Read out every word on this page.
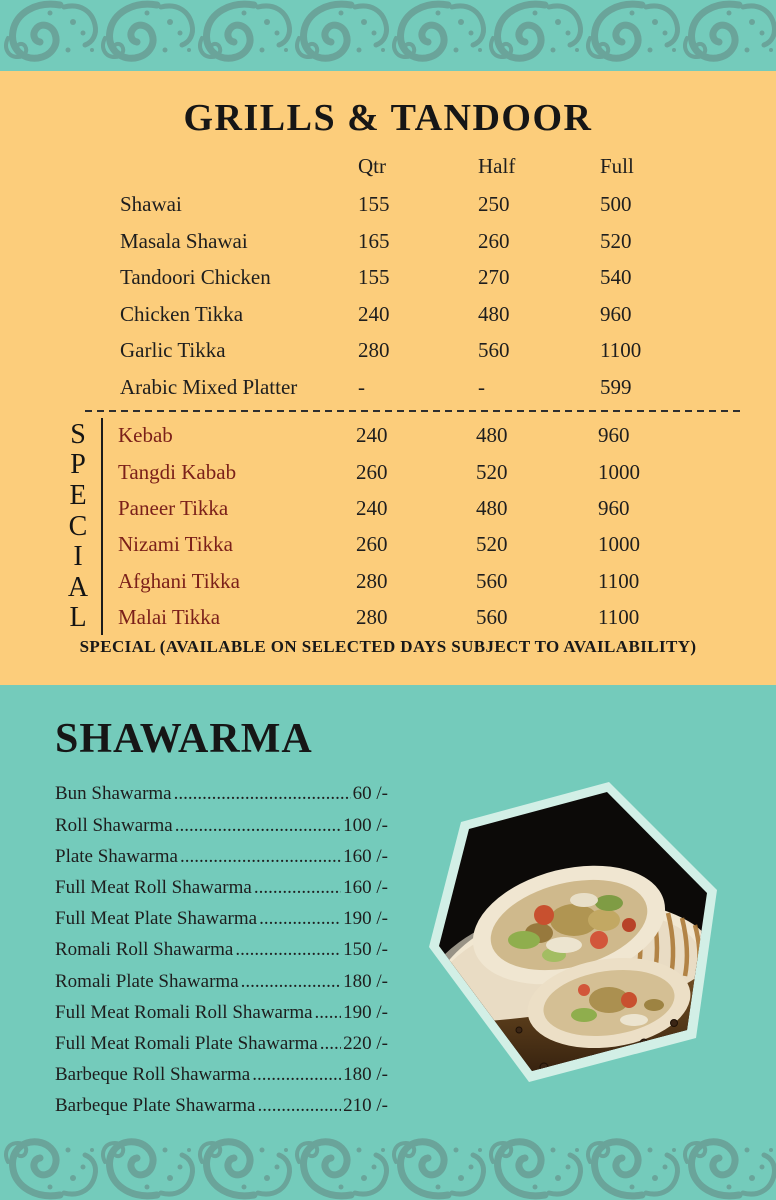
GRILLS & TANDOOR
Qtr	Half	Full
Shawai	155	250	500
Masala Shawai	165	260	520
Tandoori Chicken	155	270	540
Chicken Tikka	240	480	960
Garlic Tikka	280	560	1100
Arabic Mixed Platter	-	-	599
S
P
E
C
I
A
L
Kebab	240	480	960
Tangdi Kabab	260	520	1000
Paneer Tikka	240	480	960
Nizami Tikka	260	520	1000
Afghani Tikka	280	560	1100
Malai Tikka	280	560	1100
SPECIAL (AVAILABLE ON SELECTED DAYS SUBJECT TO AVAILABILITY)
SHAWARMA
Bun Shawarma .....	60 /-
Roll Shawarma .....	100 /-
Plate Shawarma .....	160 /-
Full Meat Roll Shawarma .....	160 /-
Full Meat Plate Shawarma .....	190 /-
Romali Roll Shawarma .....	150 /-
Romali Plate Shawarma .....	180 /-
Full Meat Romali Roll Shawarma ..... 190 /-
Full Meat Romali Plate Shawarma ..... 220 /-
Barbeque Roll Shawarma .....	180 /-
Barbeque Plate Shawarma .....	210 /-
